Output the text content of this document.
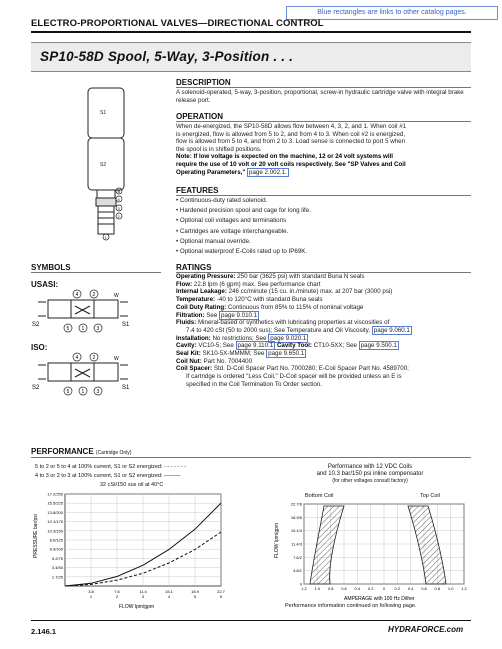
Blue rectangles are links to other catalog pages.
ELECTRO-PROPORTIONAL VALVES—DIRECTIONAL CONTROL
SP10-58D Spool, 5-Way, 3-Position . . .
S1
S2
B
4
3
2
1
DESCRIPTION
A solenoid-operated, 5-way, 3-position, proportional, screw-in hydraulic cartridge valve with integral brake release port.
OPERATION
When de-energized, the SP10-58D allows flow between 4, 3, 2, and 1. When coil #1
is energized, flow is allowed from 5 to 2, and from 4 to 3. When coil #2 is energized,
flow is allowed from 5 to 4, and from 2 to 3. Load sense is connected to port 5 when
the spool is in shifted positions.
Note: If low voltage is expected on the machine, 12 or 24 volt systems will
require the use of 10 volt or 20 volt coils respectively. See "SP Valves and Coil
Operating Parameters," page 2.002.1.
FEATURES
• Continuous-duty rated solenoid.
• Hardened precision spool and cage for long life.
• Optional coil voltages and terminations
• Cartridges are voltage interchangeable.
• Optional manual override.
• Optional waterproof E-Coils rated up to IP69K.
SYMBOLS
USASI:
ISO:
4	2	W
S2	S1
5 1 3
4	2	W
S2	S1
5 1 3
RATINGS
Operating Pressure: 250 bar (3625 psi) with standard Buna N seals
Flow: 22.8 lpm (6 gpm) max. See performance chart
Internal Leakage: 246 cc/minute (15 cu. in./minute) max. at 207 bar (3000 psi)
Temperature: -40 to 120°C with standard Buna seals
Coil Duty Rating: Continuous from 85% to 115% of nominal voltage
Filtration: See page 9.010.1
Fluids: Mineral-based or synthetics with lubricating properties at viscosities of
7.4 to 420 cSt (50 to 2000 sus); See Temperature and Oil Viscosity, page 9.060.1
Installation: No restrictions; See page 9.020.1
Cavity: VC10-5; See page 9.110.1 Cavity Tool: CT10-5XX; See page 9.500.1
Seal Kit: SK10-5X-MMMM; See page 9.650.1
Coil Nut: Part No. 7004400
Coil Spacer: Std. D-Coil Spacer Part No. 7000280; E-Coil Spacer Part No. 4589700;
If cartridge is ordered "Less Coil," D-Coil spacer will be provided unless an E is
specified in the Coil Termination To Order section.
PERFORMANCE (Cartridge Only)
5 to 2 or 5 to 4 at 100% current, S1 or S2 energized: - - - - - - -
4 to 3 or 2 to 3 at 100% current, S1 or S2 energized: ———
32 cSt/150 sus oil at 40°C
1.7/25
3.4/50
5.2/75
6.9/100
8.6/125
10.3/150
12.1/175
13.8/200
15.5/225
17.2/250
3.8
1
7.6
2
11.4
3
15.1
4
18.9
5
22.7
6
PRESSURE bar/psi
FLOW lpm/gpm
Performance with 12 VDC Coils
and 10.3 bar/150 psi inline compensator
(for other voltages consult factory)
Bottom Coil	Top Coil
0
3.8/1
7.6/2
11.4/3
15.1/4
18.9/5
22.7/6
1.2 1.0 0.8 0.6 0.4 0.2 0 0.2 0.4 0.6 0.8 1.0 1.2
FLOW lpm/gpm
AMPERAGE with 100 Hz Dither
Performance information continued on following page.
2.146.1	HYDRAFORCE.com
